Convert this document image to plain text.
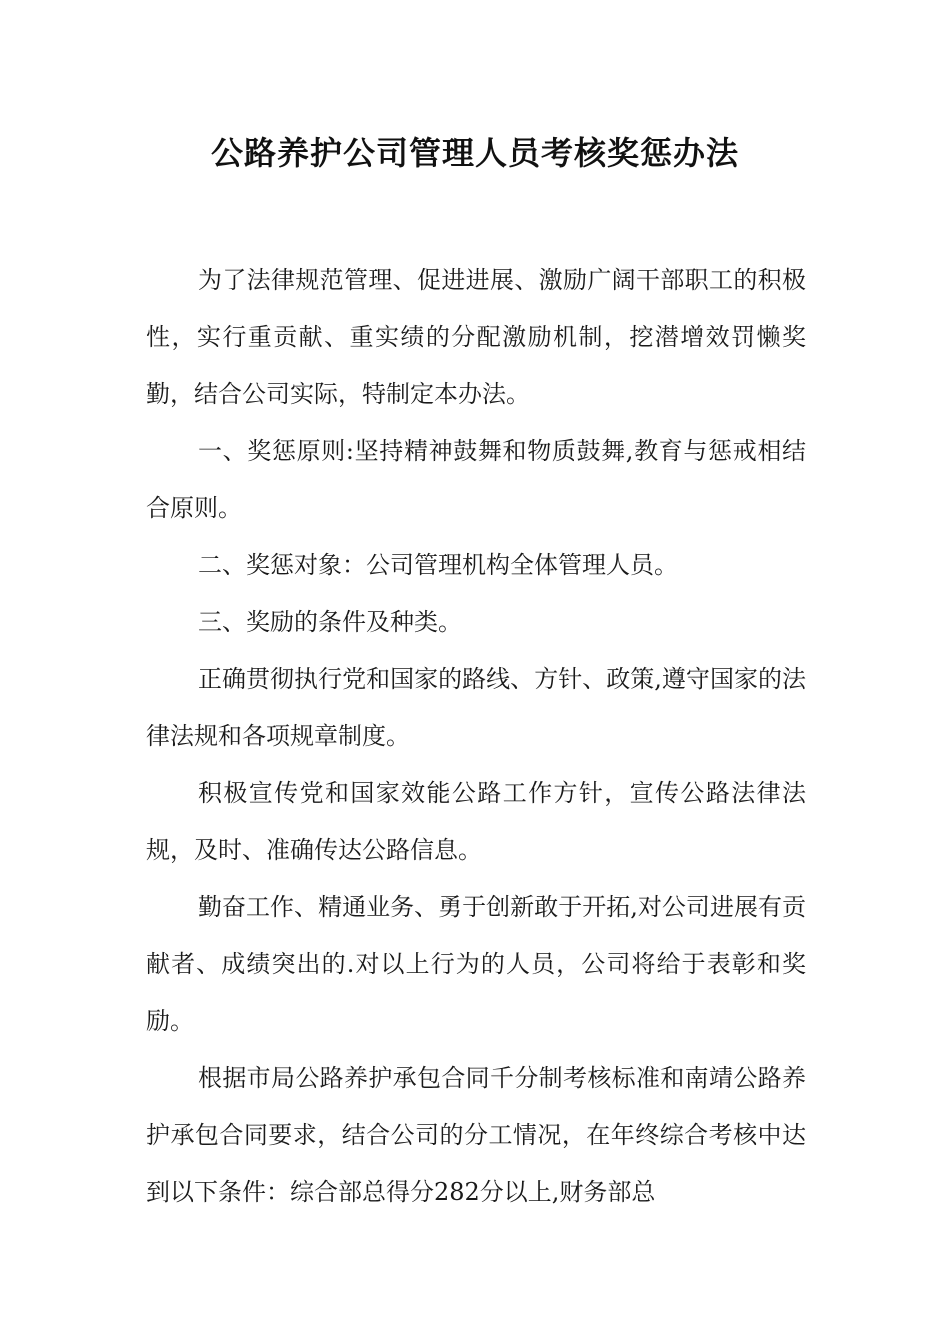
公路养护公司管理人员考核奖惩办法

为了法律规范管理、促进进展、激励广阔干部职工的积极性，实行重贡献、重实绩的分配激励机制，挖潜增效罚懒奖勤，结合公司实际，特制定本办法。

一、奖惩原则:坚持精神鼓舞和物质鼓舞,教育与惩戒相结合原则。

二、奖惩对象：公司管理机构全体管理人员。

三、奖励的条件及种类。

正确贯彻执行党和国家的路线、方针、政策,遵守国家的法律法规和各项规章制度。

积极宣传党和国家效能公路工作方针，宣传公路法律法规，及时、准确传达公路信息。

勤奋工作、精通业务、勇于创新敢于开拓,对公司进展有贡献者、成绩突出的.对以上行为的人员，公司将给于表彰和奖励。

根据市局公路养护承包合同千分制考核标准和南靖公路养护承包合同要求，结合公司的分工情况，在年终综合考核中达到以下条件：综合部总得分282分以上,财务部总
